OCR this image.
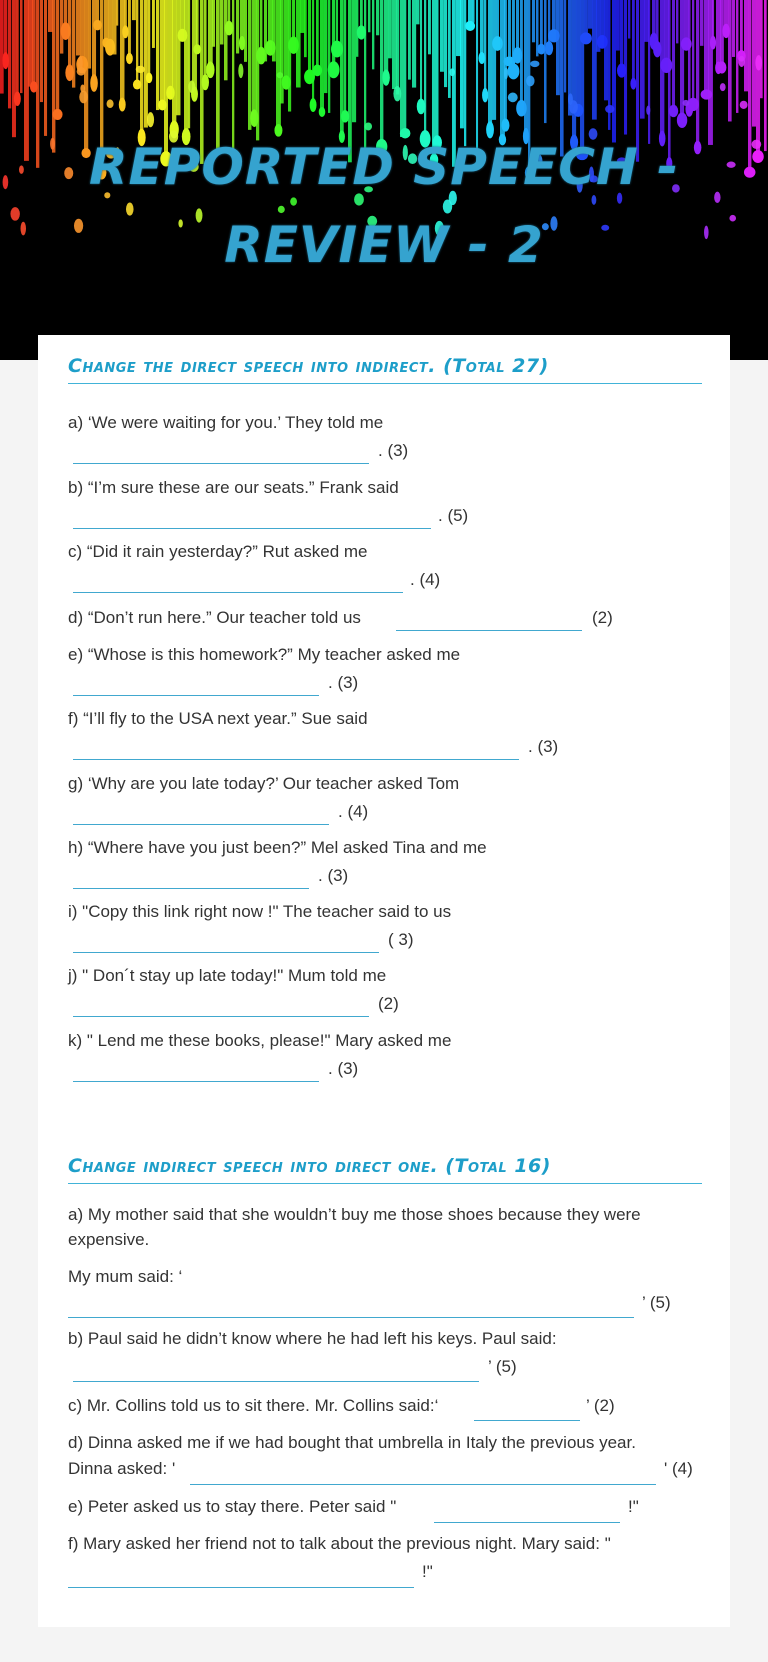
REPORTED SPEECH -
REVIEW - 2
Change the direct speech into indirect. (Total 27)
a) ‘We were waiting for you.’ They told me
. (3)
b) “I’m sure these are our seats.” Frank said
. (5)
c) “Did it rain yesterday?” Rut asked me
. (4)
d) “Don’t run here.” Our teacher told us	(2)
e) “Whose is this homework?” My teacher asked me
. (3)
f) “I’ll fly to the USA next year.” Sue said
. (3)
g) ‘Why are you late today?’ Our teacher asked Tom
. (4)
h) “Where have you just been?” Mel asked Tina and me
. (3)
i) "Copy this link right now !" The teacher said to us
( 3)
j) " Don´t stay up late today!" Mum told me
(2)
k) " Lend me these books, please!" Mary asked me
. (3)
Change indirect speech into direct one. (Total 16)
a) My mother said that she wouldn’t buy me those shoes because they were
expensive.
My mum said: ‘
’ (5)
b) Paul said he didn’t know where he had left his keys. Paul said:
’ (5)
c) Mr. Collins told us to sit there. Mr. Collins said:‘	’ (2)
d) Dinna asked me if we had bought that umbrella in Italy the previous year.
Dinna asked: '	' (4)
e) Peter asked us to stay there. Peter said "	!"
f) Mary asked her friend not to talk about the previous night. Mary said: "
!"
